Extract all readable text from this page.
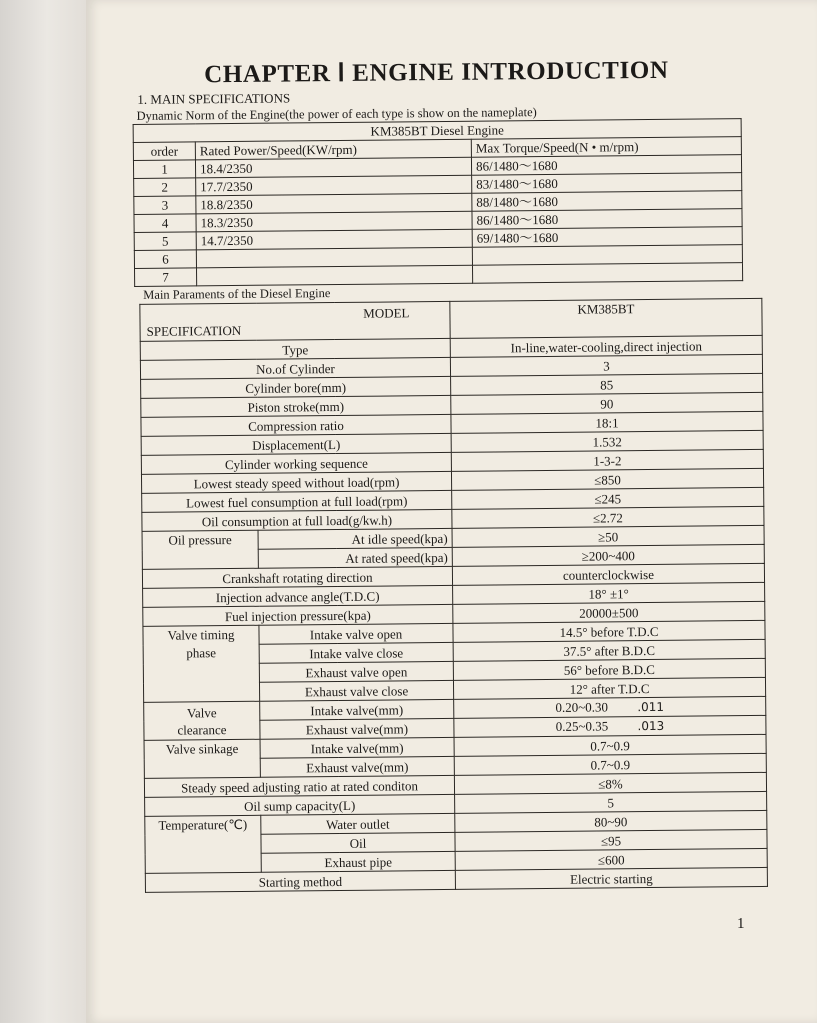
CHAPTER Ⅰ ENGINE INTRODUCTION
1. MAIN SPECIFICATIONS
Dynamic Norm of the Engine(the power of each type is show on the nameplate)
KM385BT Diesel Engine		
order	Rated Power/Speed(KW/rpm)	Max Torque/Speed(N • m/rpm)
1	18.4/2350	86/1480～1680
2	17.7/2350	83/1480～1680
3	18.8/2350	88/1480～1680
4	18.3/2350	86/1480～1680
5	14.7/2350	69/1480～1680
6		
7		
Main Paraments of the Diesel Engine
MODEL
SPECIFICATION		KM385BT
Type		In-line,water-cooling,direct injection
No.of Cylinder		3
Cylinder bore(mm)		85
Piston stroke(mm)		90
Compression ratio		18:1
Displacement(L)		1.532
Cylinder working sequence		1-3-2
Lowest steady speed without load(rpm)		≤850
Lowest fuel consumption at full load(rpm)		≤245
Oil consumption at full load(g/kw.h)		≤2.72
Oil pressure	At idle speed(kpa)	≥50
	At rated speed(kpa)	≥200~400
Crankshaft rotating direction		counterclockwise
Injection advance angle(T.D.C)		18° ±1°
Fuel injection pressure(kpa)		20000±500

Valve timing
phase	Intake valve open	14.5° before T.D.C
	Intake valve close	37.5° after B.D.C
	Exhaust valve open	56° before B.D.C
	Exhaust valve close	12° after T.D.C

Valve
clearance	Intake valve(mm)	0.20~0.30 .011
	Exhaust valve(mm)	0.25~0.35 .013
Valve sinkage	Intake valve(mm)	0.7~0.9
	Exhaust valve(mm)	0.7~0.9
Steady speed adjusting ratio at rated conditon		≤8%
Oil sump capacity(L)		5
Temperature(℃)	Water outlet	80~90
	Oil	≤95
	Exhaust pipe	≤600
Starting method		Electric starting
1
